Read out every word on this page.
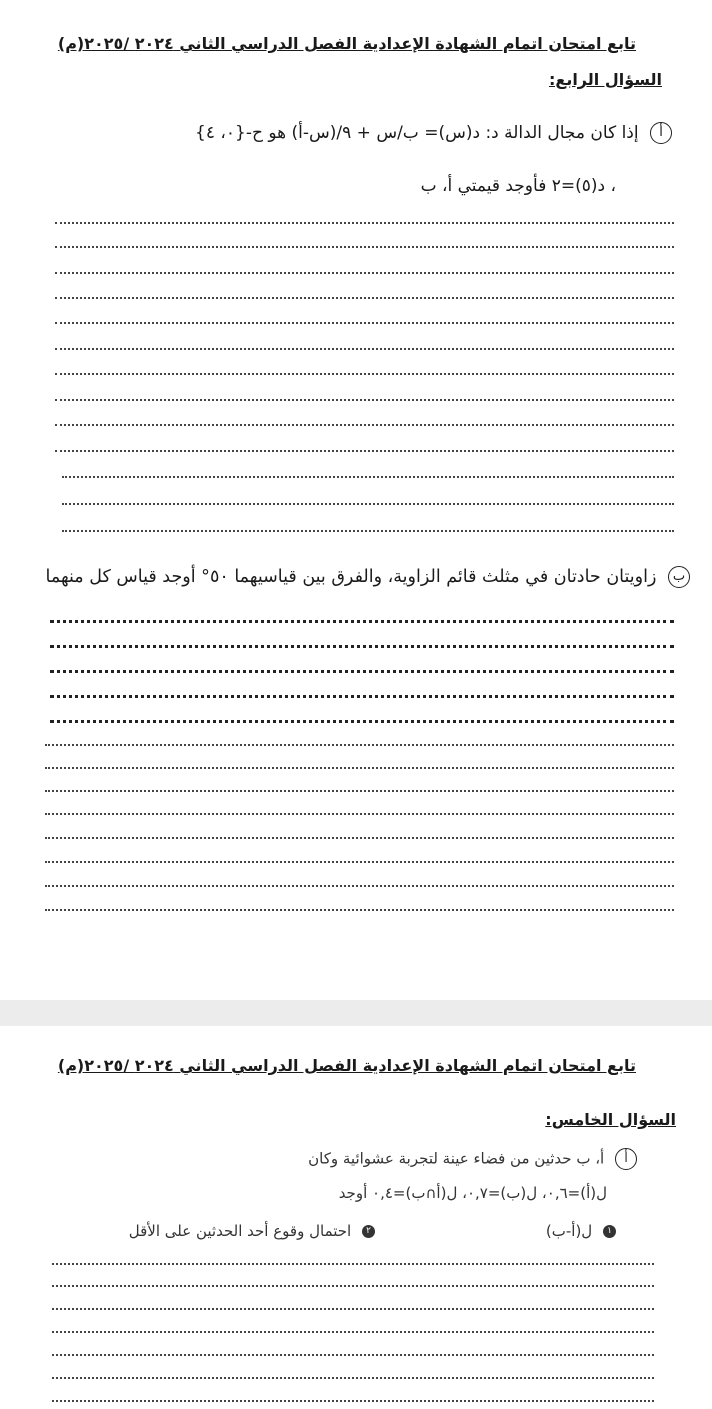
تابع امتحان اتمام الشهادة الإعدادية الفصل الدراسي الثاني ٢٠٢٤ /٢٠٢٥(م)
السؤال الرابع:
أ إذا كان مجال الدالة د: د(س)= ب/س + ٩/(س-أ) هو ح-{٠، ٤}
، د(٥)=٢ فأوجد قيمتي أ، ب
ب زاويتان حادتان في مثلث قائم الزاوية، والفرق بين قياسيهما ٥٠° أوجد قياس كل منهما
تابع امتحان اتمام الشهادة الإعدادية الفصل الدراسي الثاني ٢٠٢٤ /٢٠٢٥(م)
السؤال الخامس:
أ أ، ب حدثين من فضاء عينة لتجربة عشوائية وكان
ل(أ)=٠,٦، ل(ب)=٠,٧، ل(أ∩ب)=٠,٤ أوجد
١ ل(أ-ب)
٢ احتمال وقوع أحد الحدثين على الأقل
